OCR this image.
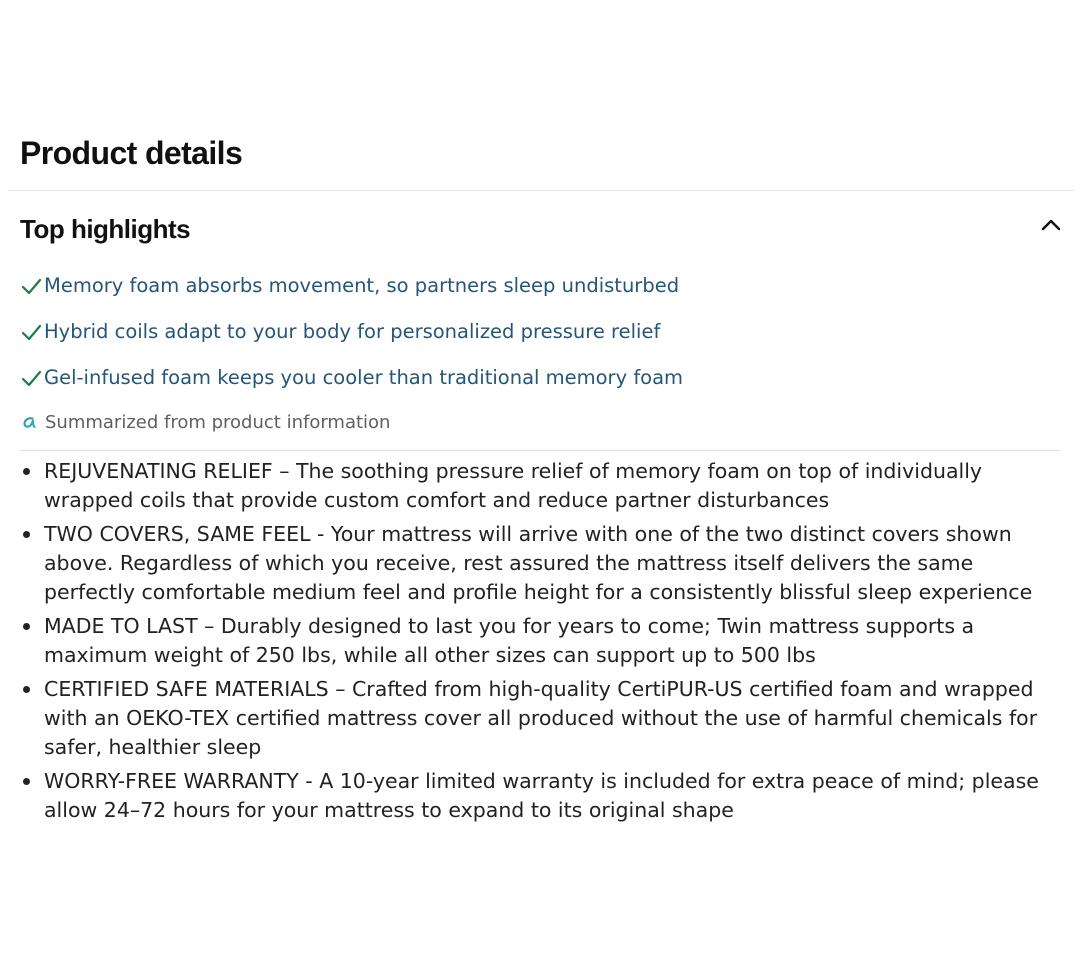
Product details
Top highlights
Memory foam absorbs movement, so partners sleep undisturbed
Hybrid coils adapt to your body for personalized pressure relief
Gel-infused foam keeps you cooler than traditional memory foam
Summarized from product information
REJUVENATING RELIEF – The soothing pressure relief of memory foam on top of individually wrapped coils that provide custom comfort and reduce partner disturbances
TWO COVERS, SAME FEEL - Your mattress will arrive with one of the two distinct covers shown above. Regardless of which you receive, rest assured the mattress itself delivers the same perfectly comfortable medium feel and profile height for a consistently blissful sleep experience
MADE TO LAST – Durably designed to last you for years to come; Twin mattress supports a maximum weight of 250 lbs, while all other sizes can support up to 500 lbs
CERTIFIED SAFE MATERIALS – Crafted from high-quality CertiPUR-US certified foam and wrapped with an OEKO-TEX certified mattress cover all produced without the use of harmful chemicals for safer, healthier sleep
WORRY-FREE WARRANTY - A 10-year limited warranty is included for extra peace of mind; please allow 24–72 hours for your mattress to expand to its original shape
